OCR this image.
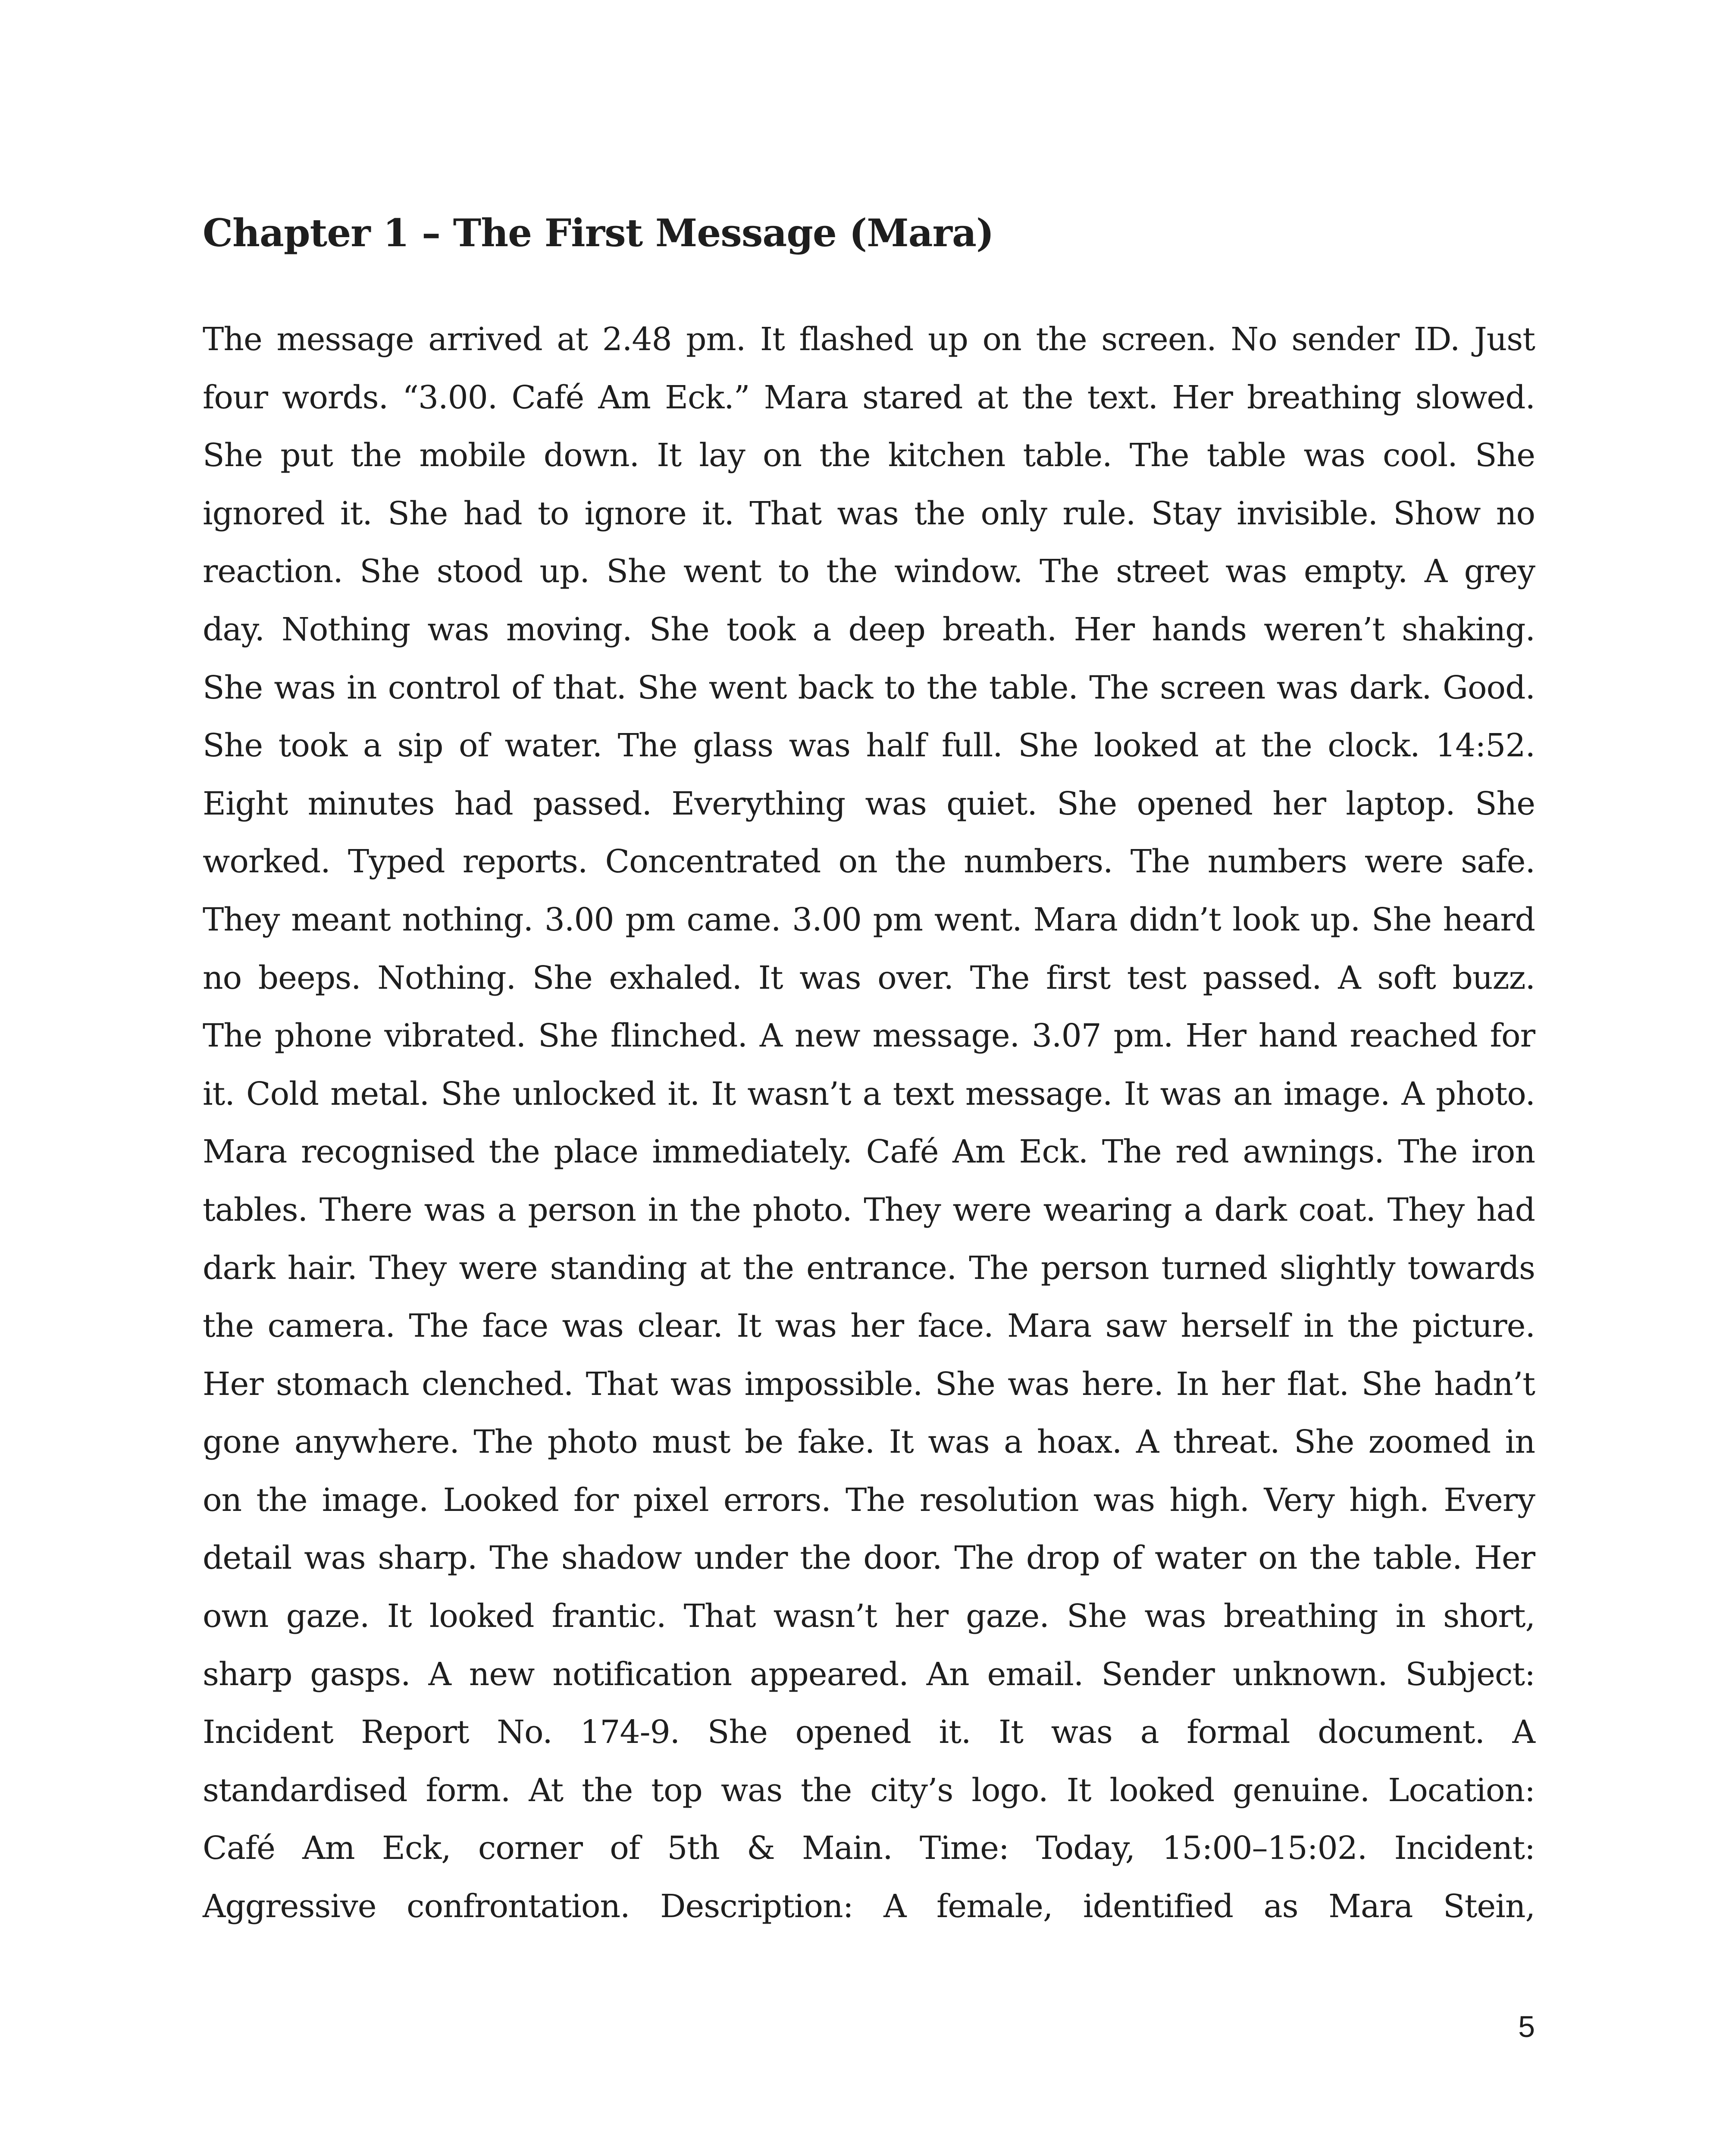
Chapter 1 – The First Message (Mara)
The message arrived at 2.48 pm. It flashed up on the screen. No sender ID. Just
four words. “3.00. Café Am Eck.” Mara stared at the text. Her breathing slowed.
She put the mobile down. It lay on the kitchen table. The table was cool. She
ignored it. She had to ignore it. That was the only rule. Stay invisible. Show no
reaction. She stood up. She went to the window. The street was empty. A grey
day. Nothing was moving. She took a deep breath. Her hands weren’t shaking.
She was in control of that. She went back to the table. The screen was dark. Good.
She took a sip of water. The glass was half full. She looked at the clock. 14:52.
Eight minutes had passed. Everything was quiet. She opened her laptop. She
worked. Typed reports. Concentrated on the numbers. The numbers were safe.
They meant nothing. 3.00 pm came. 3.00 pm went. Mara didn’t look up. She heard
no beeps. Nothing. She exhaled. It was over. The first test passed. A soft buzz.
The phone vibrated. She flinched. A new message. 3.07 pm. Her hand reached for
it. Cold metal. She unlocked it. It wasn’t a text message. It was an image. A photo.
Mara recognised the place immediately. Café Am Eck. The red awnings. The iron
tables. There was a person in the photo. They were wearing a dark coat. They had
dark hair. They were standing at the entrance. The person turned slightly towards
the camera. The face was clear. It was her face. Mara saw herself in the picture.
Her stomach clenched. That was impossible. She was here. In her flat. She hadn’t
gone anywhere. The photo must be fake. It was a hoax. A threat. She zoomed in
on the image. Looked for pixel errors. The resolution was high. Very high. Every
detail was sharp. The shadow under the door. The drop of water on the table. Her
own gaze. It looked frantic. That wasn’t her gaze. She was breathing in short,
sharp gasps. A new notification appeared. An email. Sender unknown. Subject:
Incident Report No. 174-9. She opened it. It was a formal document. A
standardised form. At the top was the city’s logo. It looked genuine. Location:
Café Am Eck, corner of 5th & Main. Time: Today, 15:00–15:02. Incident:
Aggressive confrontation. Description: A female, identified as Mara Stein,
5
